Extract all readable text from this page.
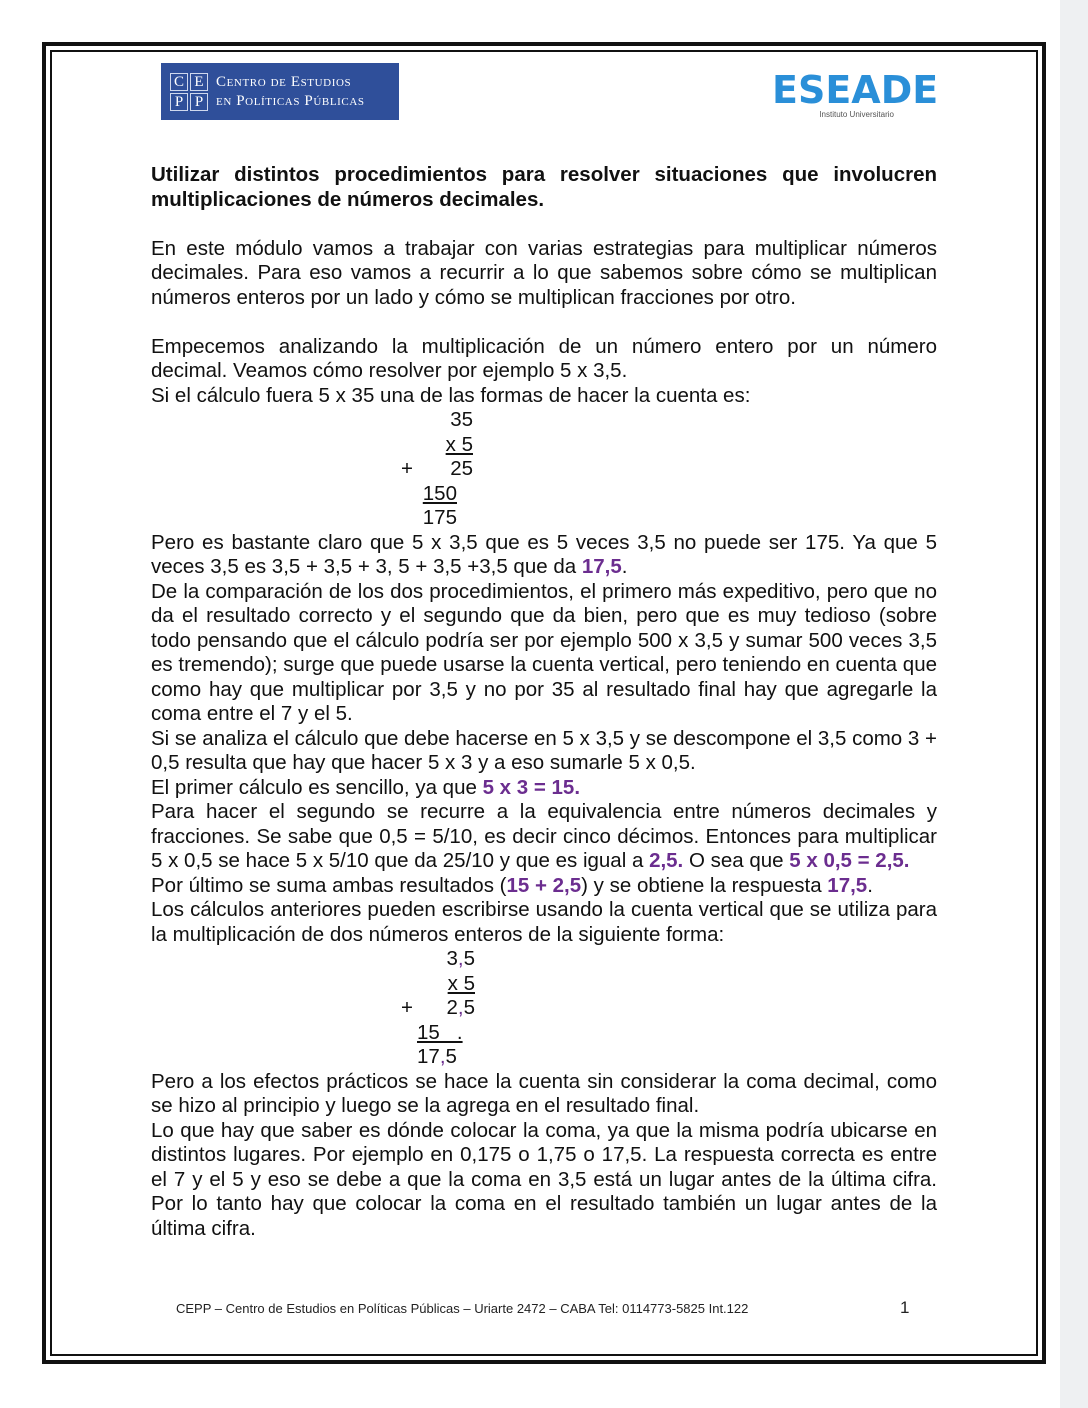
C E
P P
Centro de Estudios
en Políticas Públicas	ESEADE
Instituto Universitario

Utilizar distintos procedimientos para resolver situaciones que involucren multiplicaciones de números decimales.

En este módulo vamos a trabajar con varias estrategias para multiplicar números decimales. Para eso vamos a recurrir a lo que sabemos sobre cómo se multiplican números enteros por un lado y cómo se multiplican fracciones por otro.

Empecemos analizando la multiplicación de un número entero por un número decimal. Veamos cómo resolver por ejemplo 5 x 3,5.

Si el cálculo fuera 5 x 35 una de las formas de hacer la cuenta es:

35
x 5
+	25
150
175

Pero es bastante claro que 5 x 3,5 que es 5 veces 3,5 no puede ser 175. Ya que 5 veces 3,5 es 3,5 + 3,5 + 3, 5 + 3,5 +3,5 que da 17,5.

De la comparación de los dos procedimientos, el primero más expeditivo, pero que no da el resultado correcto y el segundo que da bien, pero que es muy tedioso (sobre todo pensando que el cálculo podría ser por ejemplo 500 x 3,5 y sumar 500 veces 3,5 es tremendo); surge que puede usarse la cuenta vertical, pero teniendo en cuenta que como hay que multiplicar por 3,5 y no por 35 al resultado final hay que agregarle la coma entre el 7 y el 5.

Si se analiza el cálculo que debe hacerse en 5 x 3,5 y se descompone el 3,5 como 3 + 0,5 resulta que hay que hacer 5 x 3 y a eso sumarle 5 x 0,5.

El primer cálculo es sencillo, ya que 5 x 3 = 15.

Para hacer el segundo se recurre a la equivalencia entre números decimales y fracciones. Se sabe que 0,5 = 5/10, es decir cinco décimos. Entonces para multiplicar 5 x 0,5 se hace 5 x 5/10 que da 25/10 y que es igual a 2,5. O sea que 5 x 0,5 = 2,5.

Por último se suma ambas resultados (15 + 2,5) y se obtiene la respuesta 17,5.

Los cálculos anteriores pueden escribirse usando la cuenta vertical que se utiliza para la multiplicación de dos números enteros de la siguiente forma:

3,5
x 5
+	2,5
15   .
17,5

Pero a los efectos prácticos se hace la cuenta sin considerar la coma decimal, como se hizo al principio y luego se la agrega en el resultado final.

Lo que hay que saber es dónde colocar la coma, ya que la misma podría ubicarse en distintos lugares. Por ejemplo en 0,175 o 1,75 o 17,5. La respuesta correcta es entre el 7 y el 5 y eso se debe a que la coma en 3,5 está un lugar antes de la última cifra. Por lo tanto hay que colocar la coma en el resultado también un lugar antes de la última cifra.

CEPP – Centro de Estudios en Políticas Públicas – Uriarte 2472 – CABA Tel: 0114773-5825 Int.122	1
